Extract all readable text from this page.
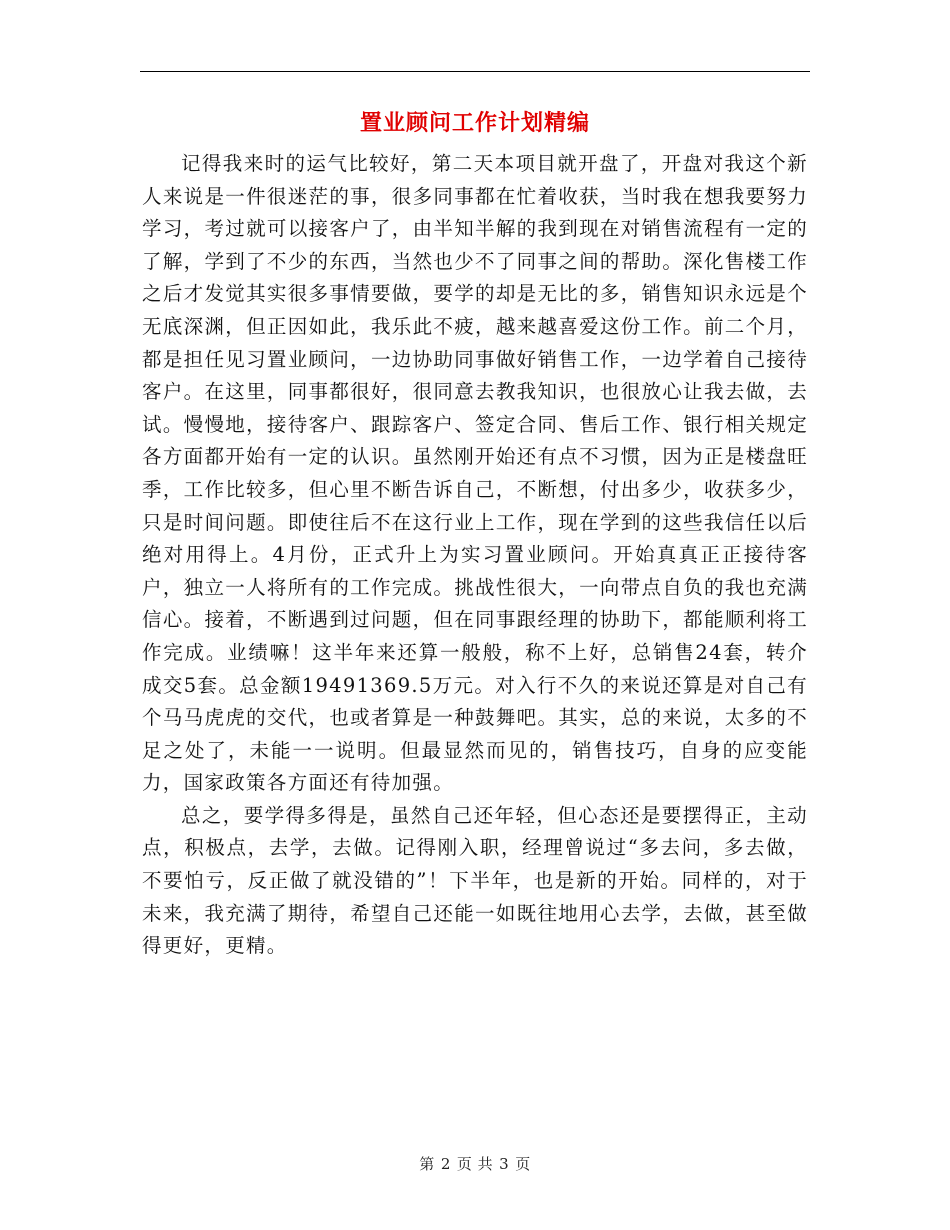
置业顾问工作计划精编

记得我来时的运气比较好，第二天本项目就开盘了，开盘对我这个新人来说是一件很迷茫的事，很多同事都在忙着收获，当时我在想我要努力学习，考过就可以接客户了，由半知半解的我到现在对销售流程有一定的了解，学到了不少的东西，当然也少不了同事之间的帮助。深化售楼工作之后才发觉其实很多事情要做，要学的却是无比的多，销售知识永远是个无底深渊，但正因如此，我乐此不疲，越来越喜爱这份工作。前二个月，都是担任见习置业顾问，一边协助同事做好销售工作，一边学着自己接待客户。在这里，同事都很好，很同意去教我知识，也很放心让我去做，去试。慢慢地，接待客户、跟踪客户、签定合同、售后工作、银行相关规定各方面都开始有一定的认识。虽然刚开始还有点不习惯，因为正是楼盘旺季，工作比较多，但心里不断告诉自己，不断想，付出多少，收获多少，只是时间问题。即使往后不在这行业上工作，现在学到的这些我信任以后绝对用得上。4月份，正式升上为实习置业顾问。开始真真正正接待客户，独立一人将所有的工作完成。挑战性很大，一向带点自负的我也充满信心。接着，不断遇到过问题，但在同事跟经理的协助下，都能顺利将工作完成。业绩嘛！这半年来还算一般般，称不上好，总销售24套，转介成交5套。总金额19491369.5万元。对入行不久的来说还算是对自己有个马马虎虎的交代，也或者算是一种鼓舞吧。其实，总的来说，太多的不足之处了，未能一一说明。但最显然而见的，销售技巧，自身的应变能力，国家政策各方面还有待加强。

总之，要学得多得是，虽然自己还年轻，但心态还是要摆得正，主动点，积极点，去学，去做。记得刚入职，经理曾说过“多去问，多去做，不要怕亏，反正做了就没错的”！下半年，也是新的开始。同样的，对于未来，我充满了期待，希望自己还能一如既往地用心去学，去做，甚至做得更好，更精。

第 2 页 共 3 页
